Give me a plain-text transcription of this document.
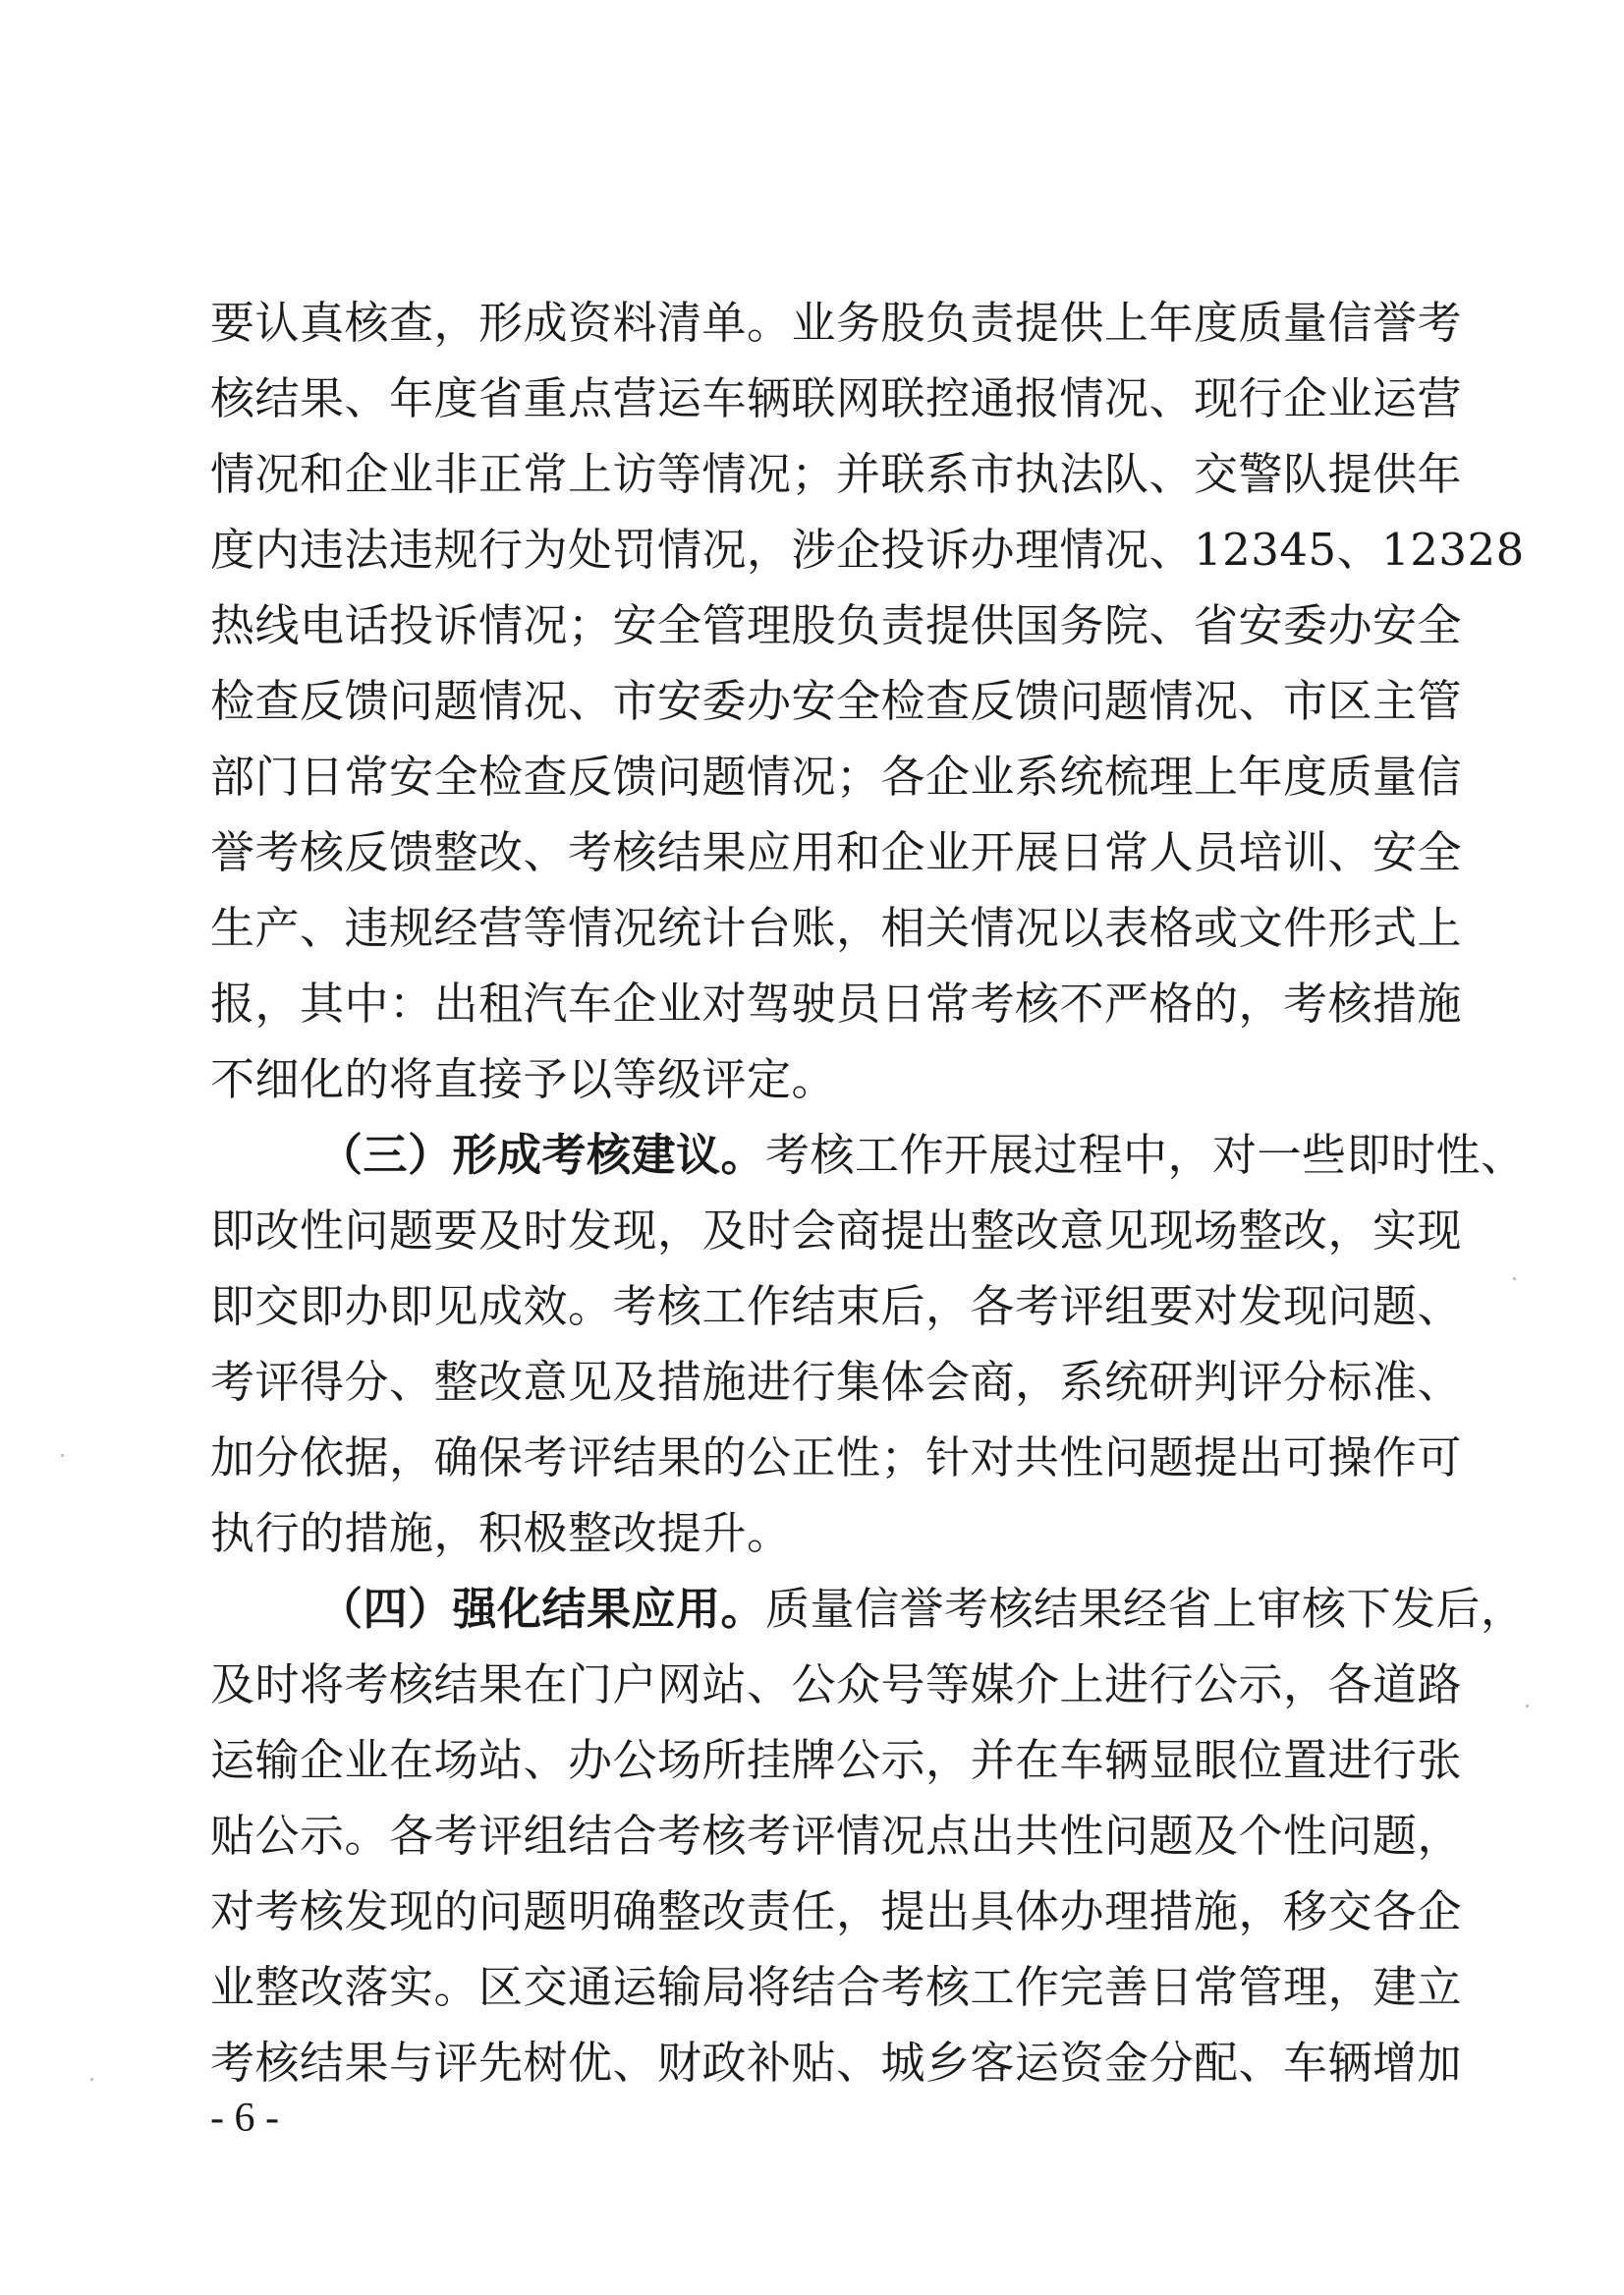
要认真核查，形成资料清单。业务股负责提供上年度质量信誉考
核结果、年度省重点营运车辆联网联控通报情况、现行企业运营
情况和企业非正常上访等情况；并联系市执法队、交警队提供年
度内违法违规行为处罚情况，涉企投诉办理情况、12345、12328
热线电话投诉情况；安全管理股负责提供国务院、省安委办安全
检查反馈问题情况、市安委办安全检查反馈问题情况、市区主管
部门日常安全检查反馈问题情况；各企业系统梳理上年度质量信
誉考核反馈整改、考核结果应用和企业开展日常人员培训、安全
生产、违规经营等情况统计台账，相关情况以表格或文件形式上
报，其中：出租汽车企业对驾驶员日常考核不严格的，考核措施
不细化的将直接予以等级评定。
（三）形成考核建议。考核工作开展过程中，对一些即时性、
即改性问题要及时发现，及时会商提出整改意见现场整改，实现
即交即办即见成效。考核工作结束后，各考评组要对发现问题、
考评得分、整改意见及措施进行集体会商，系统研判评分标准、
加分依据，确保考评结果的公正性；针对共性问题提出可操作可
执行的措施，积极整改提升。
（四）强化结果应用。质量信誉考核结果经省上审核下发后，
及时将考核结果在门户网站、公众号等媒介上进行公示，各道路
运输企业在场站、办公场所挂牌公示，并在车辆显眼位置进行张
贴公示。各考评组结合考核考评情况点出共性问题及个性问题，
对考核发现的问题明确整改责任，提出具体办理措施，移交各企
业整改落实。区交通运输局将结合考核工作完善日常管理，建立
考核结果与评先树优、财政补贴、城乡客运资金分配、车辆增加
- 6 -
